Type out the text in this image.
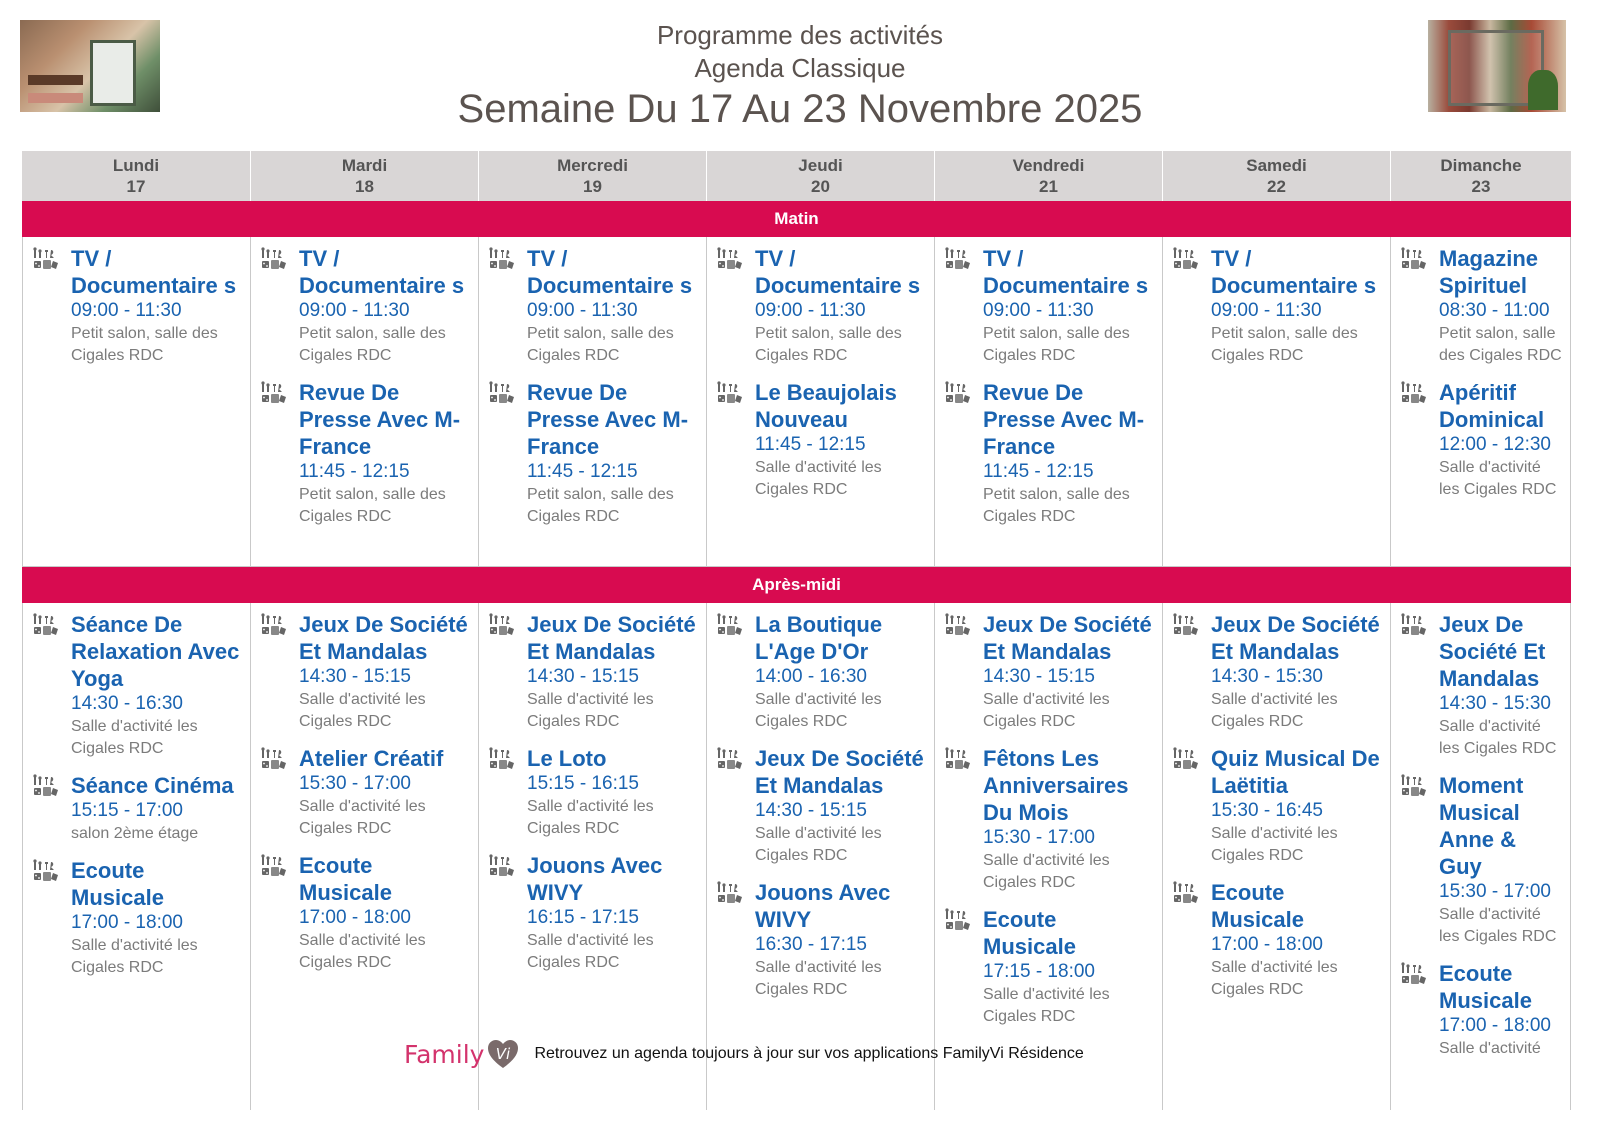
Programme des activités
Agenda Classique
Semaine Du 17 Au 23 Novembre 2025
Lundi
17
Mardi
18
Mercredi
19
Jeudi
20
Vendredi
21
Samedi
22
Dimanche
23
Matin
TV / Documentaire s
09:00 - 11:30
Petit salon, salle des Cigales RDC
TV / Documentaire s
09:00 - 11:30
Petit salon, salle des Cigales RDC
Revue De Presse Avec M-France
11:45 - 12:15
Petit salon, salle des Cigales RDC
TV / Documentaire s
09:00 - 11:30
Petit salon, salle des Cigales RDC
Revue De Presse Avec M-France
11:45 - 12:15
Petit salon, salle des Cigales RDC
TV / Documentaire s
09:00 - 11:30
Petit salon, salle des Cigales RDC
Le Beaujolais Nouveau
11:45 - 12:15
Salle d'activité les Cigales RDC
TV / Documentaire s
09:00 - 11:30
Petit salon, salle des Cigales RDC
Revue De Presse Avec M-France
11:45 - 12:15
Petit salon, salle des Cigales RDC
TV / Documentaire s
09:00 - 11:30
Petit salon, salle des Cigales RDC
Magazine Spirituel
08:30 - 11:00
Petit salon, salle des Cigales RDC
Apéritif Dominical
12:00 - 12:30
Salle d'activité les Cigales RDC
Après-midi
Séance De Relaxation Avec Yoga
14:30 - 16:30
Salle d'activité les Cigales RDC
Séance Cinéma
15:15 - 17:00
salon 2ème étage
Ecoute Musicale
17:00 - 18:00
Salle d'activité les Cigales RDC
Jeux De Société Et Mandalas
14:30 - 15:15
Salle d'activité les Cigales RDC
Atelier Créatif
15:30 - 17:00
Salle d'activité les Cigales RDC
Ecoute Musicale
17:00 - 18:00
Salle d'activité les Cigales RDC
Jeux De Société Et Mandalas
14:30 - 15:15
Salle d'activité les Cigales RDC
Le Loto
15:15 - 16:15
Salle d'activité les Cigales RDC
Jouons Avec WIVY
16:15 - 17:15
Salle d'activité les Cigales RDC
La Boutique L'Age D'Or
14:00 - 16:30
Salle d'activité les Cigales RDC
Jeux De Société Et Mandalas
14:30 - 15:15
Salle d'activité les Cigales RDC
Jouons Avec WIVY
16:30 - 17:15
Salle d'activité les Cigales RDC
Jeux De Société Et Mandalas
14:30 - 15:15
Salle d'activité les Cigales RDC
Fêtons Les Anniversaires Du Mois
15:30 - 17:00
Salle d'activité les Cigales RDC
Ecoute Musicale
17:15 - 18:00
Salle d'activité les Cigales RDC
Jeux De Société Et Mandalas
14:30 - 15:30
Salle d'activité les Cigales RDC
Quiz Musical De Laëtitia
15:30 - 16:45
Salle d'activité les Cigales RDC
Ecoute Musicale
17:00 - 18:00
Salle d'activité les Cigales RDC
Jeux De Société Et Mandalas
14:30 - 15:30
Salle d'activité les Cigales RDC
Moment Musical Anne & Guy
15:30 - 17:00
Salle d'activité les Cigales RDC
Ecoute Musicale
17:00 - 18:00
Salle d'activité
Family Vi Retrouvez un agenda toujours à jour sur vos applications FamilyVi Résidence
